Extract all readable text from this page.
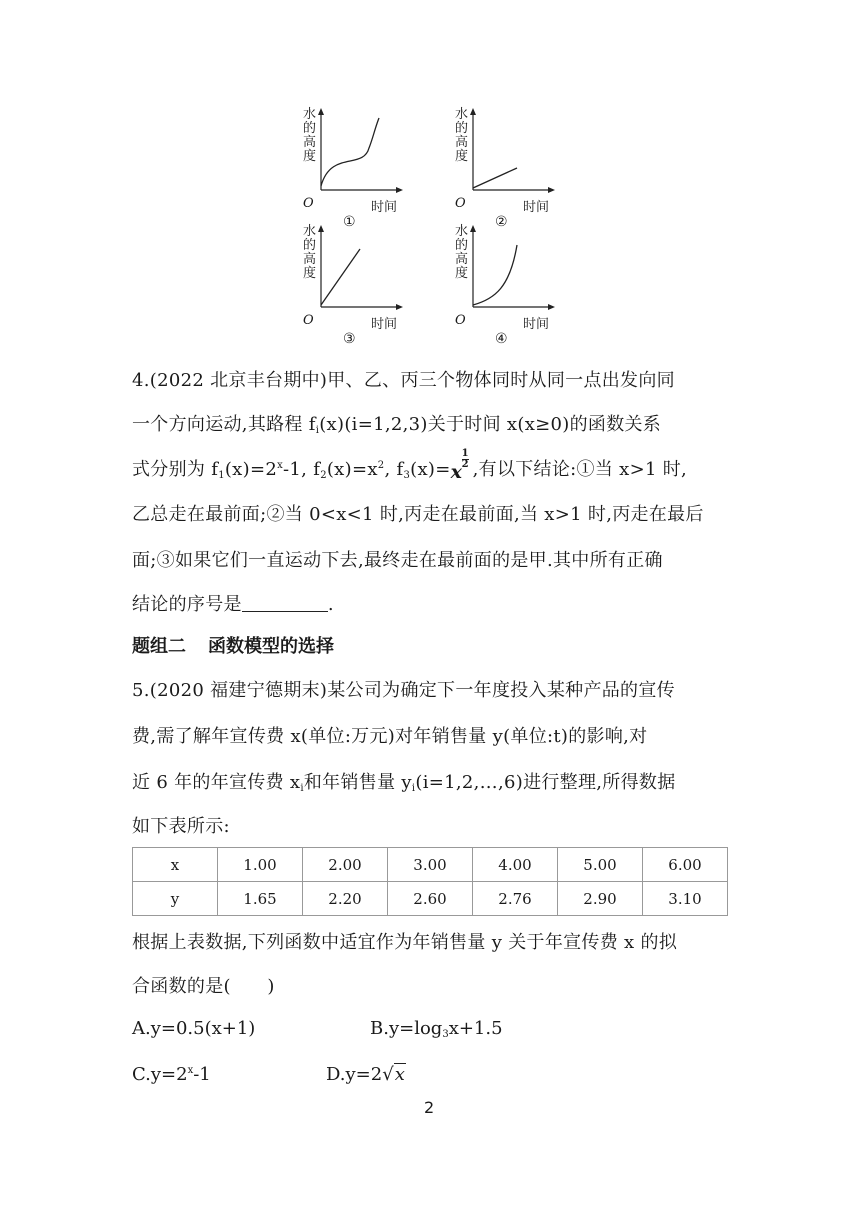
水的高度
O	时间
①
水的高度
O	时间
②
水的高度
O	时间
③
水的高度
O	时间
④
4.(2022 北京丰台期中)甲、乙、丙三个物体同时从同一点出发向同
一个方向运动,其路程 $f_i(x)(i=1,2,3)$关于时间 x(x≥0)的函数关系
式分别为 $f_1(x)=2^x-1$, $f_2(x)=x^2$, $f_3(x)= x$
1
2 ,有以下结论:①当 x>1 时,
乙总走在最前面;②当 0<x<1 时,丙走在最前面,当 x>1 时,丙走在最后
面;③如果它们一直运动下去,最终走在最前面的是甲.其中所有正确
结论的序号是	.
题组二 函数模型的选择
5.(2020 福建宁德期末)某公司为确定下一年度投入某种产品的宣传
费,需了解年宣传费 x(单位:万元)对年销售量 y(单位:t)的影响,对
近 6 年的年宣传费 $x_i$和年销售量 $y_i(i=1,2,\dots,6)$进行整理,所得数据
如下表所示:
x	1.00	2.00	3.00	4.00	5.00	6.00
y	1.65	2.20	2.60	2.76	2.90	3.10
根据上表数据,下列函数中适宜作为年销售量 y 关于年宣传费 x 的拟
合函数的是(　　)
A.y=0.5(x+1)	$B.y=\log_3x+1.5$
$C.y=2^x-1$	D.y=2√x
2
